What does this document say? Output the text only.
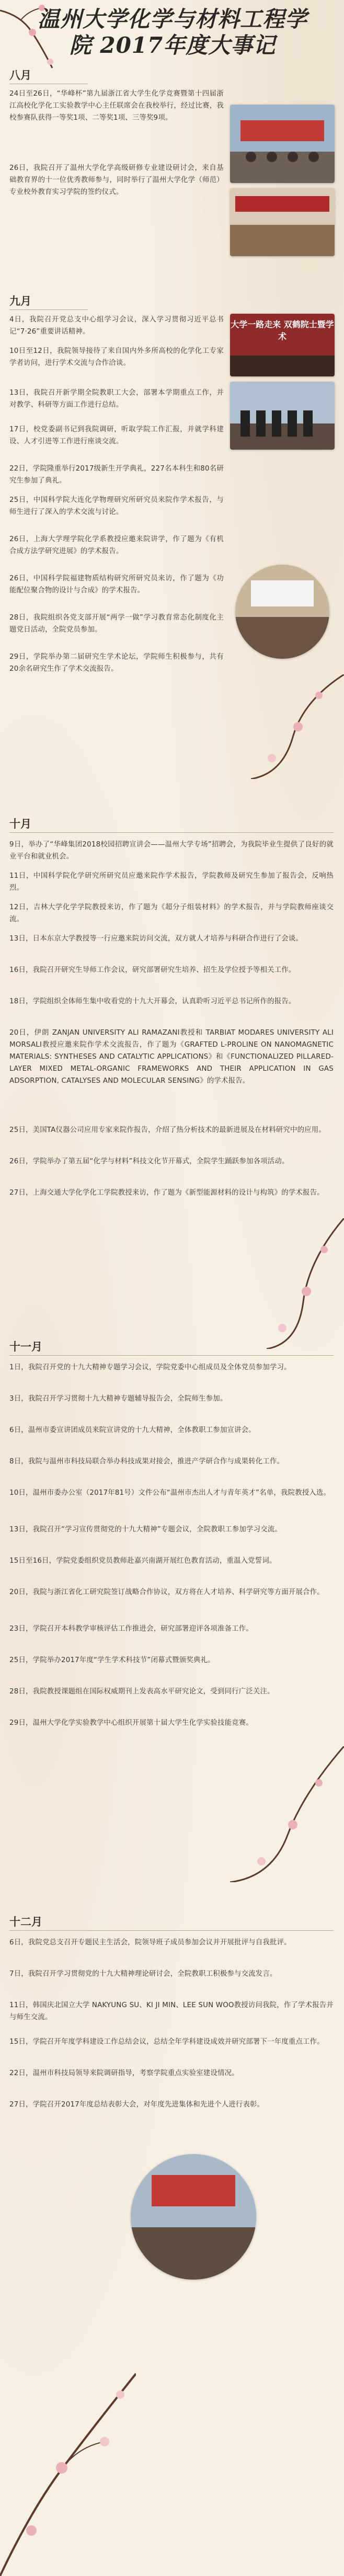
温州大学化学与材料工程学院 2017年度大事记
八月
24日至26日，“华峰杯”第九届浙江省大学生化学竞赛暨第十四届浙江高校化学化工实验教学中心主任联席会在我校举行，经过比赛，我校参赛队获得一等奖1项、二等奖1项、三等奖9项。
26日，我院召开了温州大学化学高级研修专业建设研讨会，来自基础教育界的十一位优秀教师参与，同时举行了温州大学化学（师范）专业校外教育实习学院的签约仪式。
九月
大学一路走来 双鹤院士暨学术
4日，我院召开党总支中心组学习会议，深入学习贯彻习近平总书记“7·26”重要讲话精神。
10日至12日，我院领导接待了来自国内外多所高校的化学化工专家学者访问，进行学术交流与合作洽谈。
13日，我院召开新学期全院教职工大会，部署本学期重点工作，并对教学、科研等方面工作进行总结。
17日，校党委副书记到我院调研，听取学院工作汇报，并就学科建设、人才引进等工作进行座谈交流。
22日，学院隆重举行2017级新生开学典礼，227名本科生和80名研究生参加了典礼。
25日，中国科学院大连化学物理研究所研究员来院作学术报告，与师生进行了深入的学术交流与讨论。
26日，上海大学理学院化学系教授应邀来院讲学，作了题为《有机合成方法学研究进展》的学术报告。
26日，中国科学院福建物质结构研究所研究员来访，作了题为《功能配位聚合物的设计与合成》的学术报告。
28日，我院组织各党支部开展“两学一做”学习教育常态化制度化主题党日活动，全院党员参加。
29日，学院举办第二届研究生学术论坛，学院师生积极参与，共有20余名研究生作了学术交流报告。
十月
9日，举办了“华峰集团2018校园招聘宣讲会——温州大学专场”招聘会，为我院毕业生提供了良好的就业平台和就业机会。
11日，中国科学院化学研究所研究员应邀来院作学术报告，学院教师及研究生参加了报告会，反响热烈。
12日，吉林大学化学学院教授来访，作了题为《超分子组装材料》的学术报告，并与学院教师座谈交流。
13日，日本东京大学教授等一行应邀来院访问交流，双方就人才培养与科研合作进行了会谈。
16日，我院召开研究生导师工作会议，研究部署研究生培养、招生及学位授予等相关工作。
18日，学院组织全体师生集中收看党的十九大开幕会，认真聆听习近平总书记所作的报告。
20日，伊朗 ZANJAN UNIVERSITY ALI RAMAZANI教授和 TARBIAT MODARES UNIVERSITY ALI MORSALI教授应邀来院作学术交流报告，作了题为《GRAFTED L-PROLINE ON NANOMAGNETIC MATERIALS: SYNTHESES AND CATALYTIC APPLICATIONS》和《FUNCTIONALIZED PILLARED-LAYER MIXED METAL-ORGANIC FRAMEWORKS AND THEIR APPLICATION IN GAS ADSORPTION, CATALYSES AND MOLECULAR SENSING》的学术报告。
25日，美国TA仪器公司应用专家来院作报告，介绍了热分析技术的最新进展及在材料研究中的应用。
26日，学院举办了第五届“化学与材料”科技文化节开幕式，全院学生踊跃参加各项活动。
27日，上海交通大学化学化工学院教授来访，作了题为《新型能源材料的设计与构筑》的学术报告。
十一月
1日，我院召开党的十九大精神专题学习会议，学院党委中心组成员及全体党员参加学习。
3日，我院召开学习贯彻十九大精神专题辅导报告会，全院师生参加。
6日，温州市委宣讲团成员来院宣讲党的十九大精神，全体教职工参加宣讲会。
8日，我院与温州市科技局联合举办科技成果对接会，推进产学研合作与成果转化工作。
10日，温州市委办公室（2017年81号）文件公布“温州市杰出人才与青年英才”名单，我院教授入选。
13日，我院召开“学习宣传贯彻党的十九大精神”专题会议，全院教职工参加学习交流。
15日至16日，学院党委组织党员教师赴嘉兴南湖开展红色教育活动，重温入党誓词。
20日，我院与浙江省化工研究院签订战略合作协议，双方将在人才培养、科学研究等方面开展合作。
23日，学院召开本科教学审核评估工作推进会，研究部署迎评各项准备工作。
25日，学院举办2017年度“学生学术科技节”闭幕式暨颁奖典礼。
28日，我院教授课题组在国际权威期刊上发表高水平研究论文，受到同行广泛关注。
29日，温州大学化学实验教学中心组织开展第十届大学生化学实验技能竞赛。
十二月
6日，我院党总支召开专题民主生活会，院领导班子成员参加会议并开展批评与自我批评。
7日，我院召开学习贯彻党的十九大精神理论研讨会，全院教职工积极参与交流发言。
11日，韩国庆北国立大学 NAKYUNG SU、KI JI MIN、LEE SUN WOO教授访问我院，作了学术报告并与师生交流。
15日，学院召开年度学科建设工作总结会议，总结全年学科建设成效并研究部署下一年度重点工作。
22日，温州市科技局领导来院调研指导，考察学院重点实验室建设情况。
27日，学院召开2017年度总结表彰大会，对年度先进集体和先进个人进行表彰。
